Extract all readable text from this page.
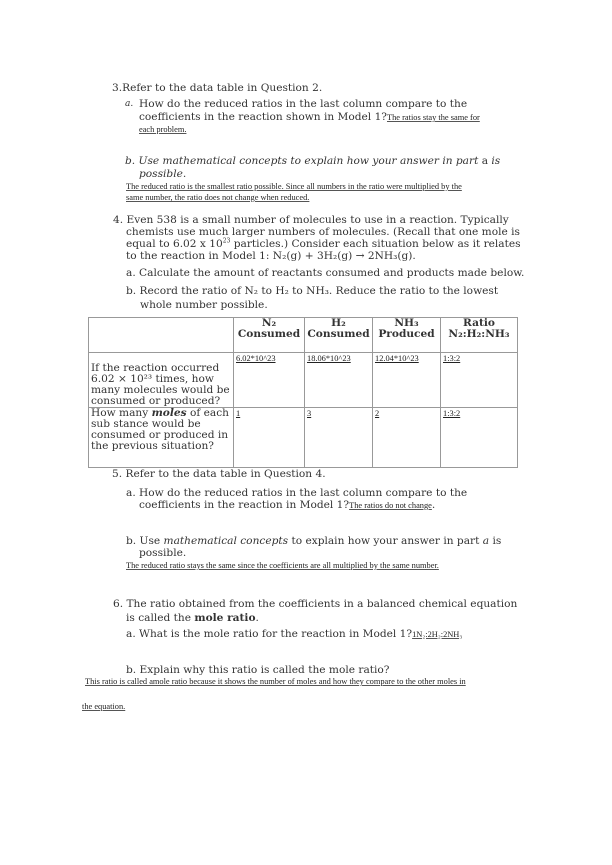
3.Refer to the data table in Question 2.
a. How do the reduced ratios in the last column compare to the
coefficients in the reaction shown in Model 1?The ratios stay the same for
each problem.
b. Use mathematical concepts to explain how your answer in part a is
possible.
The reduced ratio is the smallest ratio possible. Since all numbers in the ratio were multiplied by the
same number, the ratio does not change when reduced.
4. Even 538 is a small number of molecules to use in a reaction. Typically
chemists use much larger numbers of molecules. (Recall that one mole is
equal to 6.02 x $10^{23}$ particles.) Consider each situation below as it relates
to the reaction in Model 1: N₂(g) + 3H₂(g) → 2NH₃(g).
a. Calculate the amount of reactants consumed and products made below.
b. Record the ratio of N₂ to H₂ to NH₃. Reduce the ratio to the lowest
whole number possible.
	N₂ Consumed	H₂ Consumed	NH₃ Produced	Ratio N₂:H₂:NH₃
If the reaction occurred 6.02 × 10²³ times, how many molecules would be consumed or produced?	6.02*10^23	18.06*10^23	12.04*10^23	1:3:2
How many moles of each sub stance would be consumed or produced in the previous situation?	1	3	2	1:3:2
5. Refer to the data table in Question 4.
a. How do the reduced ratios in the last column compare to the
coefficients in the reaction in Model 1?The ratios do not change.
b. Use mathematical concepts to explain how your answer in part a is
possible.
The reduced ratio stays the same since the coefficients are all multiplied by the same number.
6. The ratio obtained from the coefficients in a balanced chemical equation
is called the mole ratio.
a. What is the mole ratio for the reaction in Model 1?1N₂:2H₂:2NH₃
b. Explain why this ratio is called the mole ratio?
This ratio is called amole ratio because it shows the number of moles and how they compare to the other moles in
the equation.
